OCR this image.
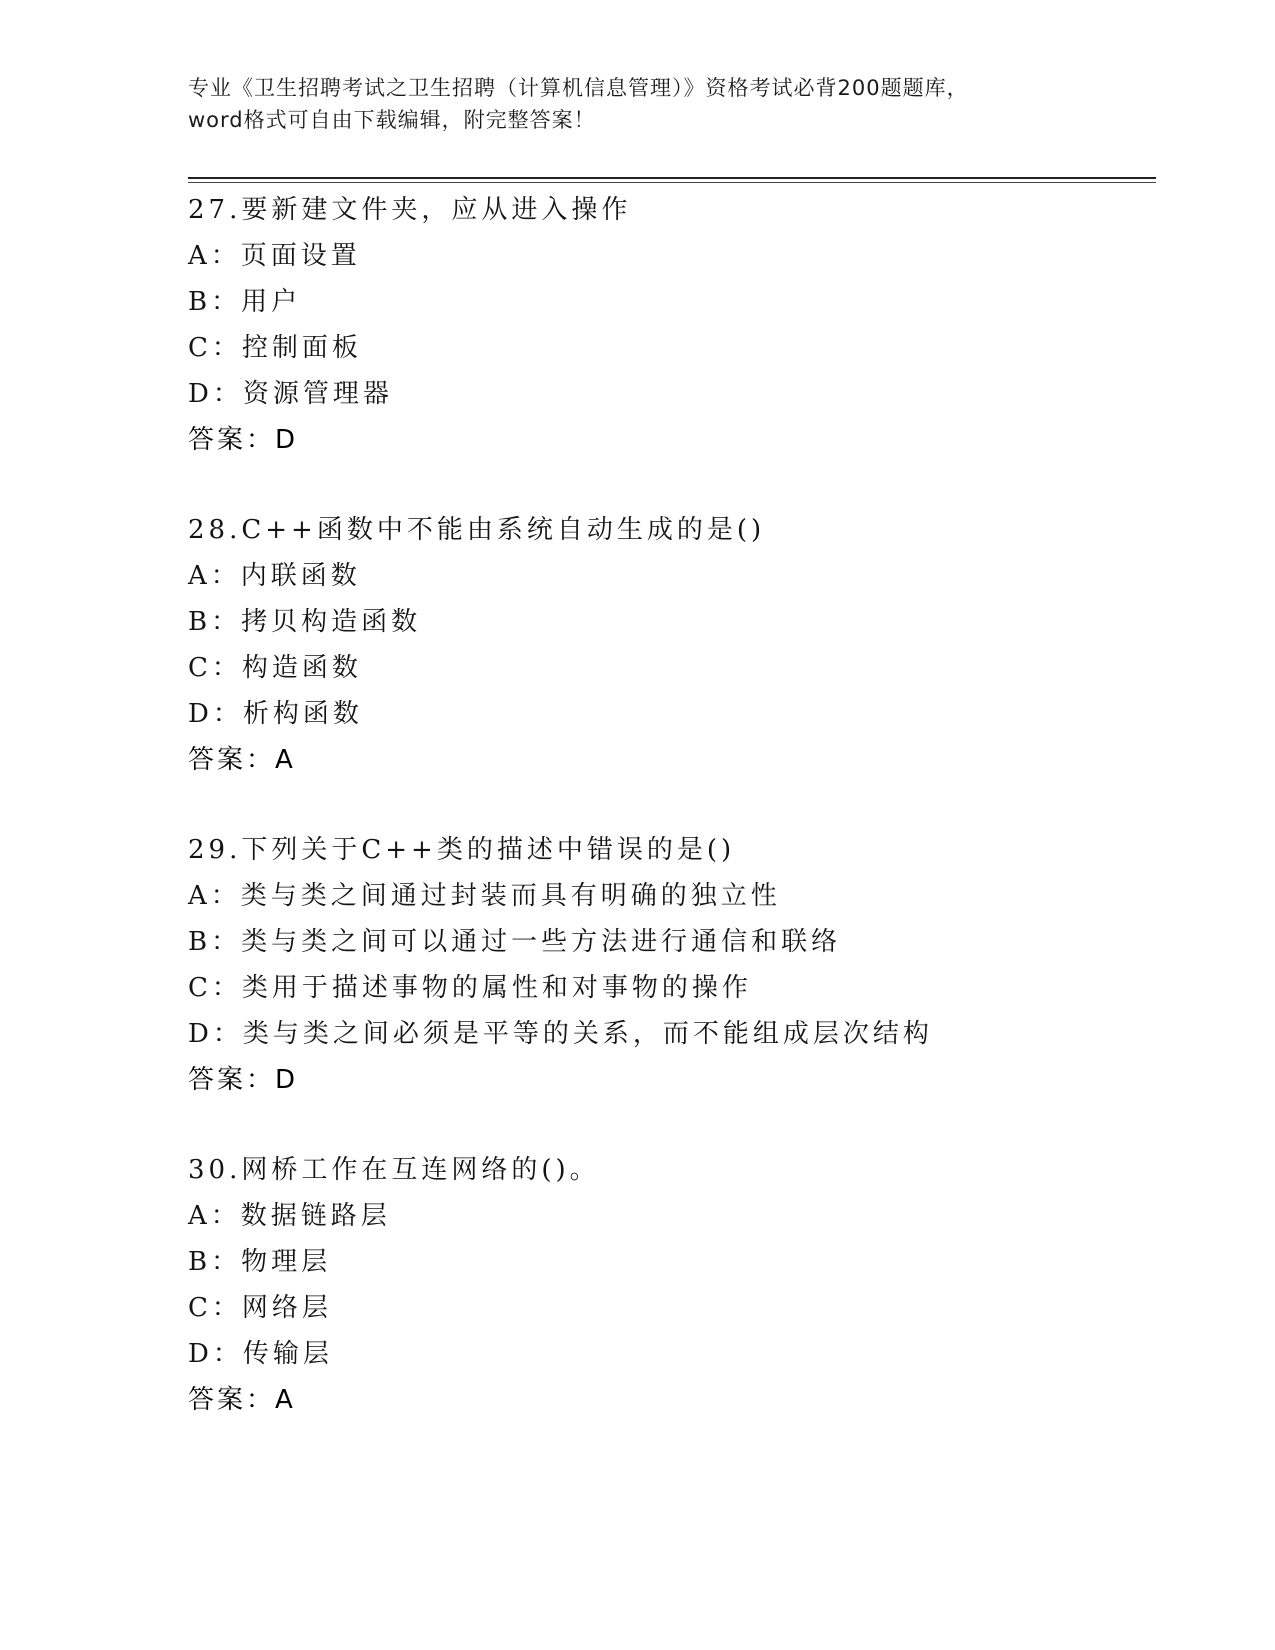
专业《卫生招聘考试之卫生招聘（计算机信息管理）》资格考试必背200题题库，

word格式可自由下载编辑，附完整答案！

27.要新建文件夹，应从进入操作
A：页面设置
B：用户
C：控制面板
D：资源管理器
答案：D
28.C++函数中不能由系统自动生成的是()
A：内联函数
B：拷贝构造函数
C：构造函数
D：析构函数
答案：A
29.下列关于C++类的描述中错误的是()
A：类与类之间通过封装而具有明确的独立性
B：类与类之间可以通过一些方法进行通信和联络
C：类用于描述事物的属性和对事物的操作
D：类与类之间必须是平等的关系，而不能组成层次结构
答案：D
30.网桥工作在互连网络的()。
A：数据链路层
B：物理层
C：网络层
D：传输层
答案：A
